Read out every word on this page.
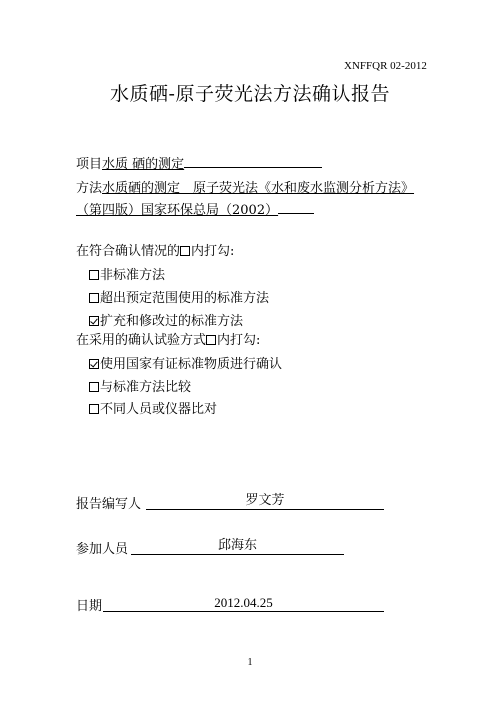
XNFFQR 02-2012
水质硒-原子荧光法方法确认报告
项目水质 硒的测定
方法水质硒的测定　原子荧光法《水和废水监测分析方法》
（第四版）国家环保总局（2002）
在符合确认情况的 内打勾:
非标准方法
超出预定范围使用的标准方法
扩充和修改过的标准方法
在采用的确认试验方式 内打勾:
使用国家有证标准物质进行确认
与标准方法比较
不同人员或仪器比对
报告编写人	罗文芳
参加人员	邱海东
日期	2012.04.25
1
